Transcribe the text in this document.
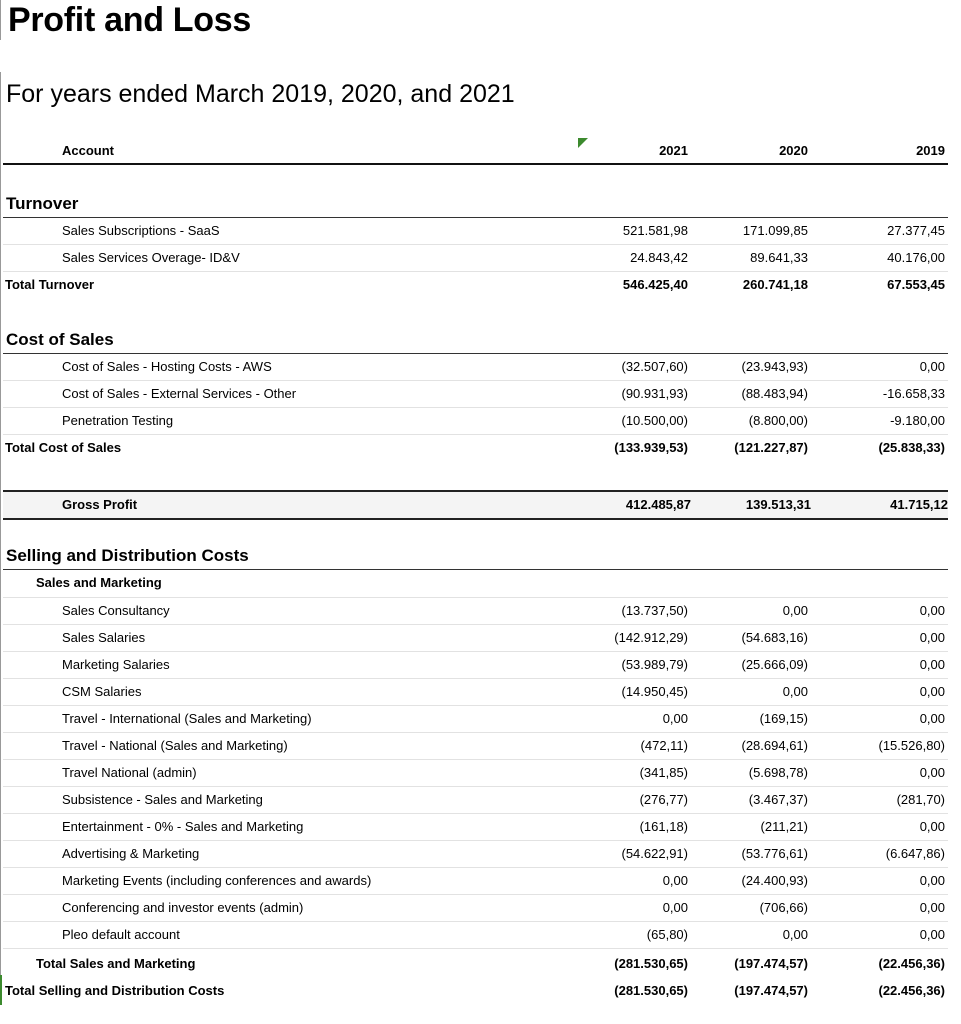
Profit and Loss
For years ended March 2019, 2020, and 2021
Account	2021	2020	2019
Turnover
Sales Subscriptions - SaaS	521.581,98	171.099,85	27.377,45
Sales Services Overage- ID&V	24.843,42	89.641,33	40.176,00
Total Turnover	546.425,40	260.741,18	67.553,45
Cost of Sales
Cost of Sales - Hosting Costs - AWS	(32.507,60)	(23.943,93)	0,00
Cost of Sales - External Services - Other	(90.931,93)	(88.483,94)	-16.658,33
Penetration Testing	(10.500,00)	(8.800,00)	-9.180,00
Total Cost of Sales	(133.939,53)	(121.227,87)	(25.838,33)
Gross Profit	412.485,87	139.513,31	41.715,12
Selling and Distribution Costs
Sales and Marketing
Sales Consultancy	(13.737,50)	0,00	0,00
Sales Salaries	(142.912,29)	(54.683,16)	0,00
Marketing Salaries	(53.989,79)	(25.666,09)	0,00
CSM Salaries	(14.950,45)	0,00	0,00
Travel - International (Sales and Marketing)	0,00	(169,15)	0,00
Travel - National (Sales and Marketing)	(472,11)	(28.694,61)	(15.526,80)
Travel National (admin)	(341,85)	(5.698,78)	0,00
Subsistence - Sales and Marketing	(276,77)	(3.467,37)	(281,70)
Entertainment - 0% - Sales and Marketing	(161,18)	(211,21)	0,00
Advertising & Marketing	(54.622,91)	(53.776,61)	(6.647,86)
Marketing Events (including conferences and awards)	0,00	(24.400,93)	0,00
Conferencing and investor events (admin)	0,00	(706,66)	0,00
Pleo default account	(65,80)	0,00	0,00
Total Sales and Marketing	(281.530,65)	(197.474,57)	(22.456,36)
Total Selling and Distribution Costs	(281.530,65)	(197.474,57)	(22.456,36)
